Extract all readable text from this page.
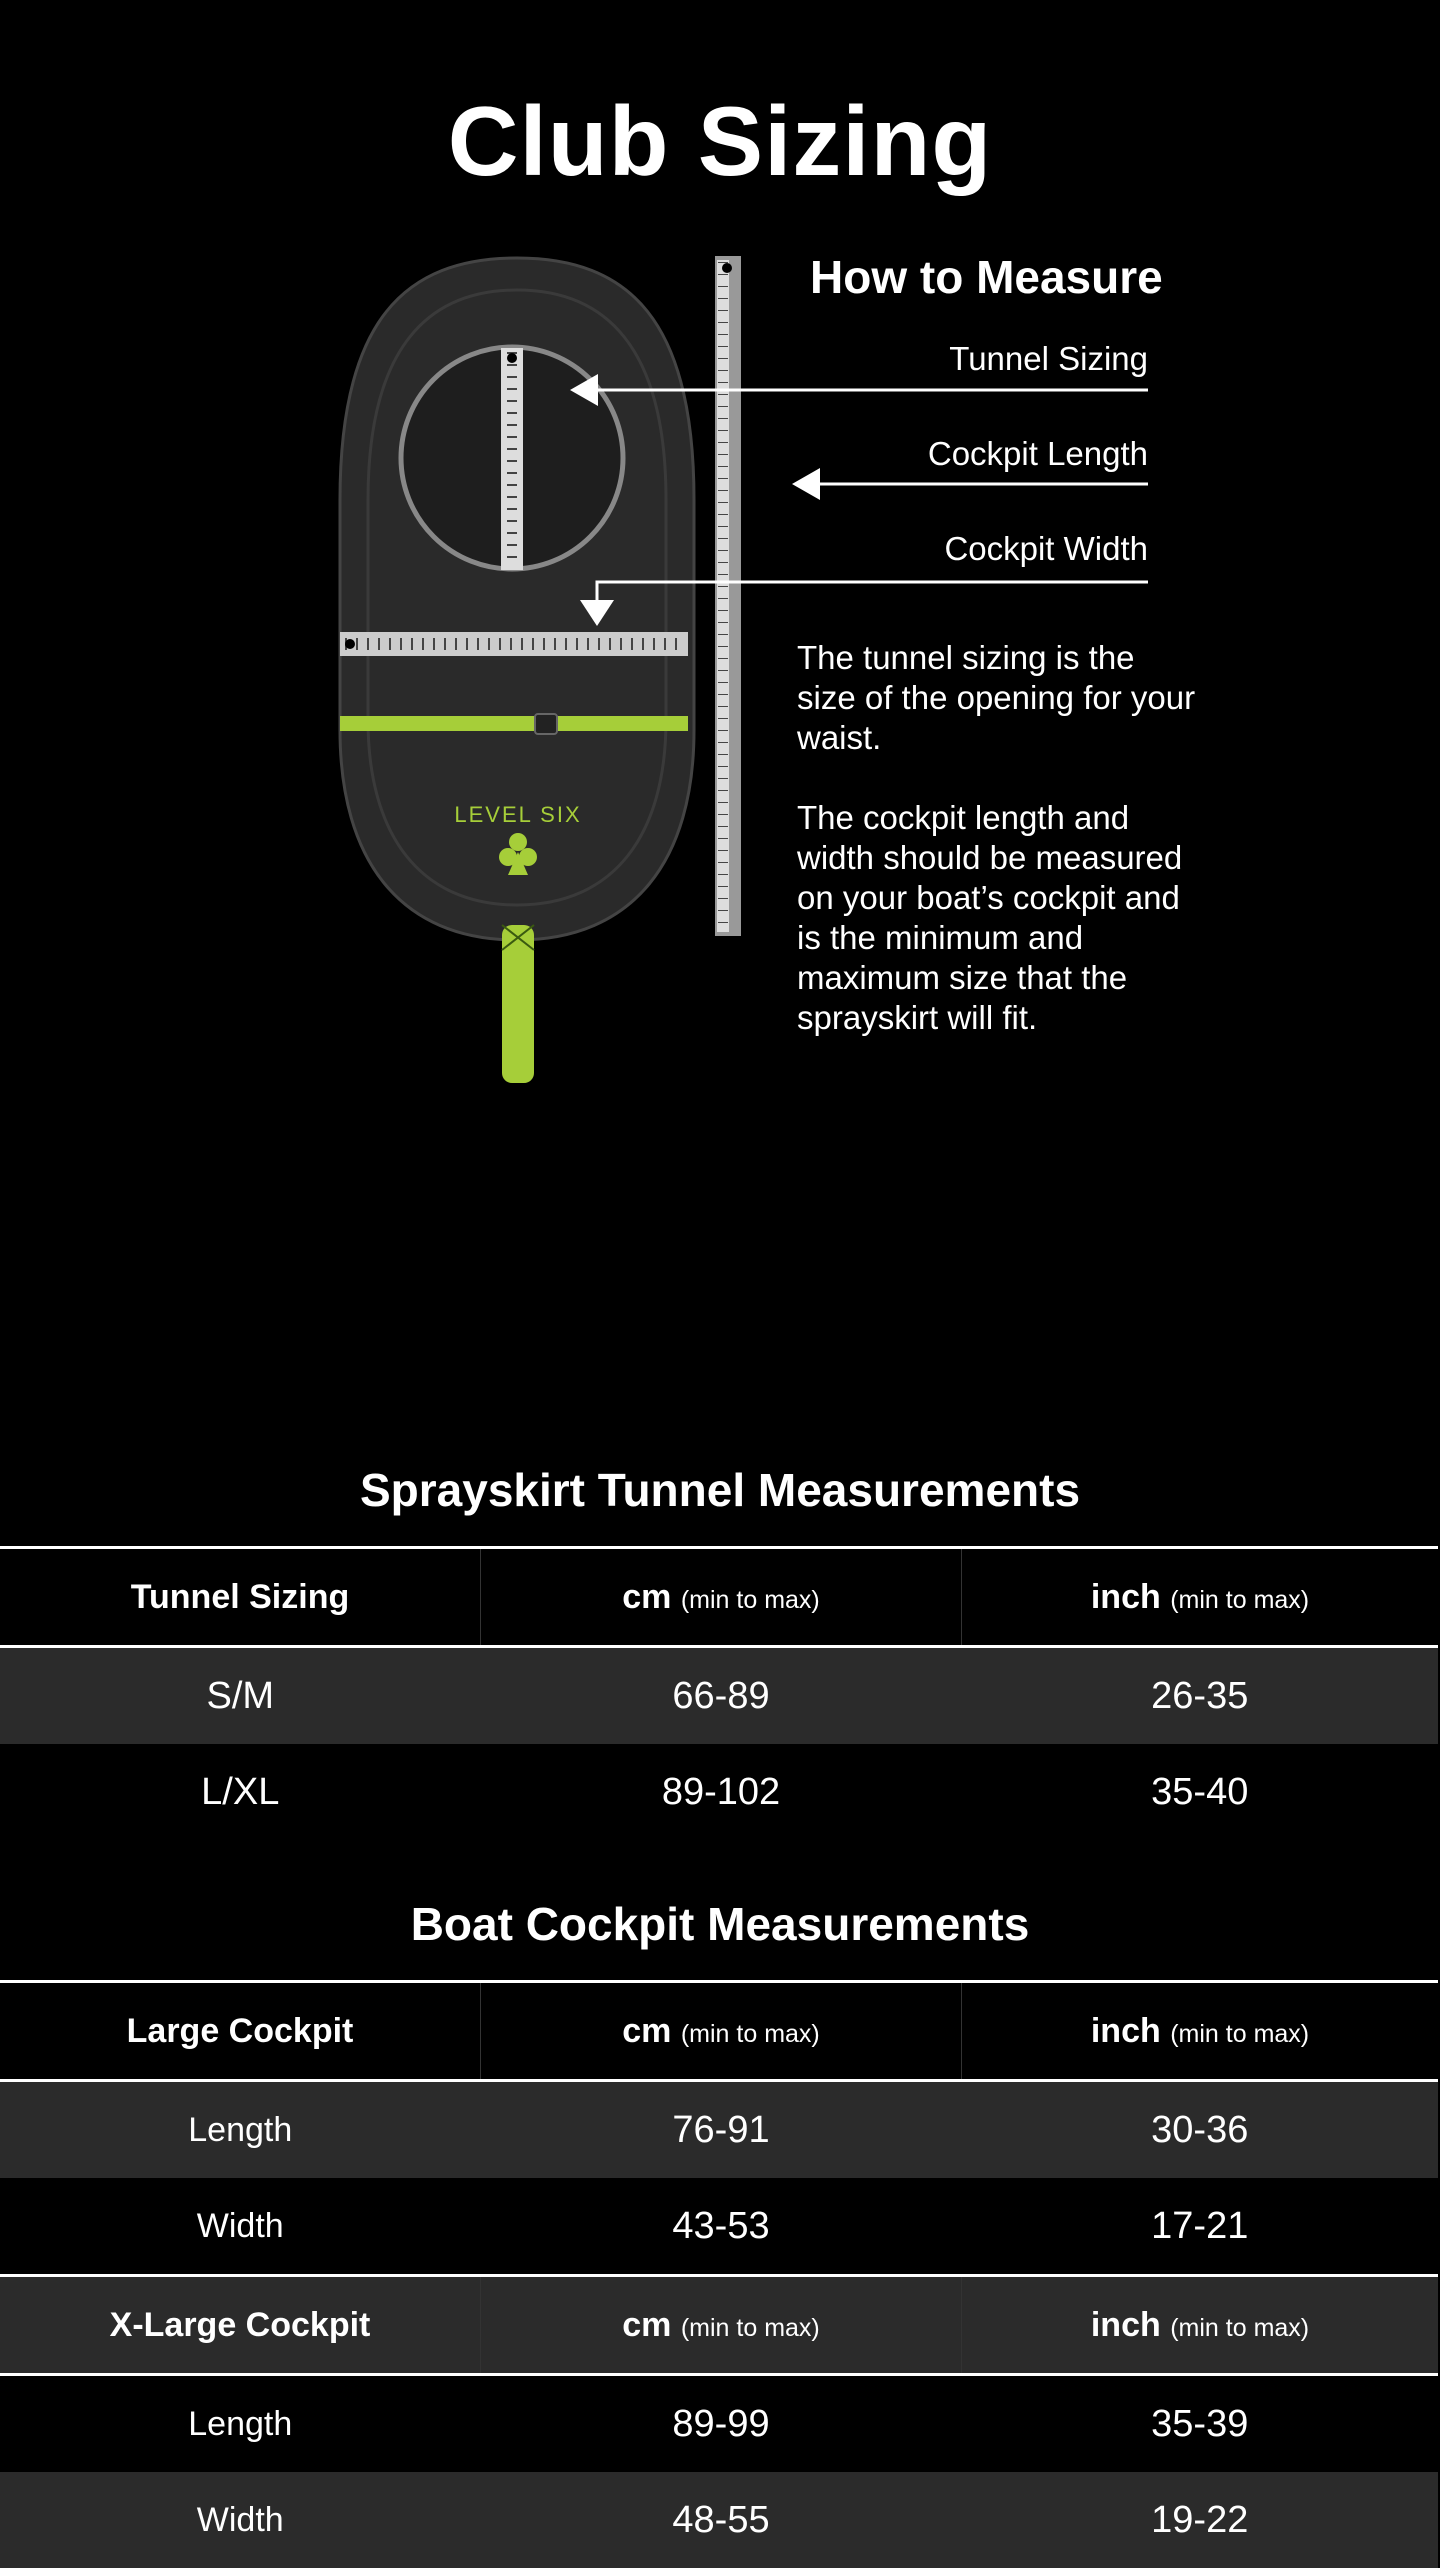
Club Sizing
LEVEL SIX
How to Measure
Tunnel Sizing
Cockpit Length
Cockpit Width

The tunnel sizing is the size of the opening for your waist.

The cockpit length and width should be measured on your boat’s cockpit and is the minimum and maximum size that the sprayskirt will fit.

Sprayskirt Tunnel Measurements
Tunnel Sizing	cm (min to max)	inch (min to max)
S/M	66-89	26-35
L/XL	89-102	35-40
Boat Cockpit Measurements
Large Cockpit	cm (min to max)	inch (min to max)
Length	76-91	30-36
Width	43-53	17-21
X-Large Cockpit	cm (min to max)	inch (min to max)
Length	89-99	35-39
Width	48-55	19-22
